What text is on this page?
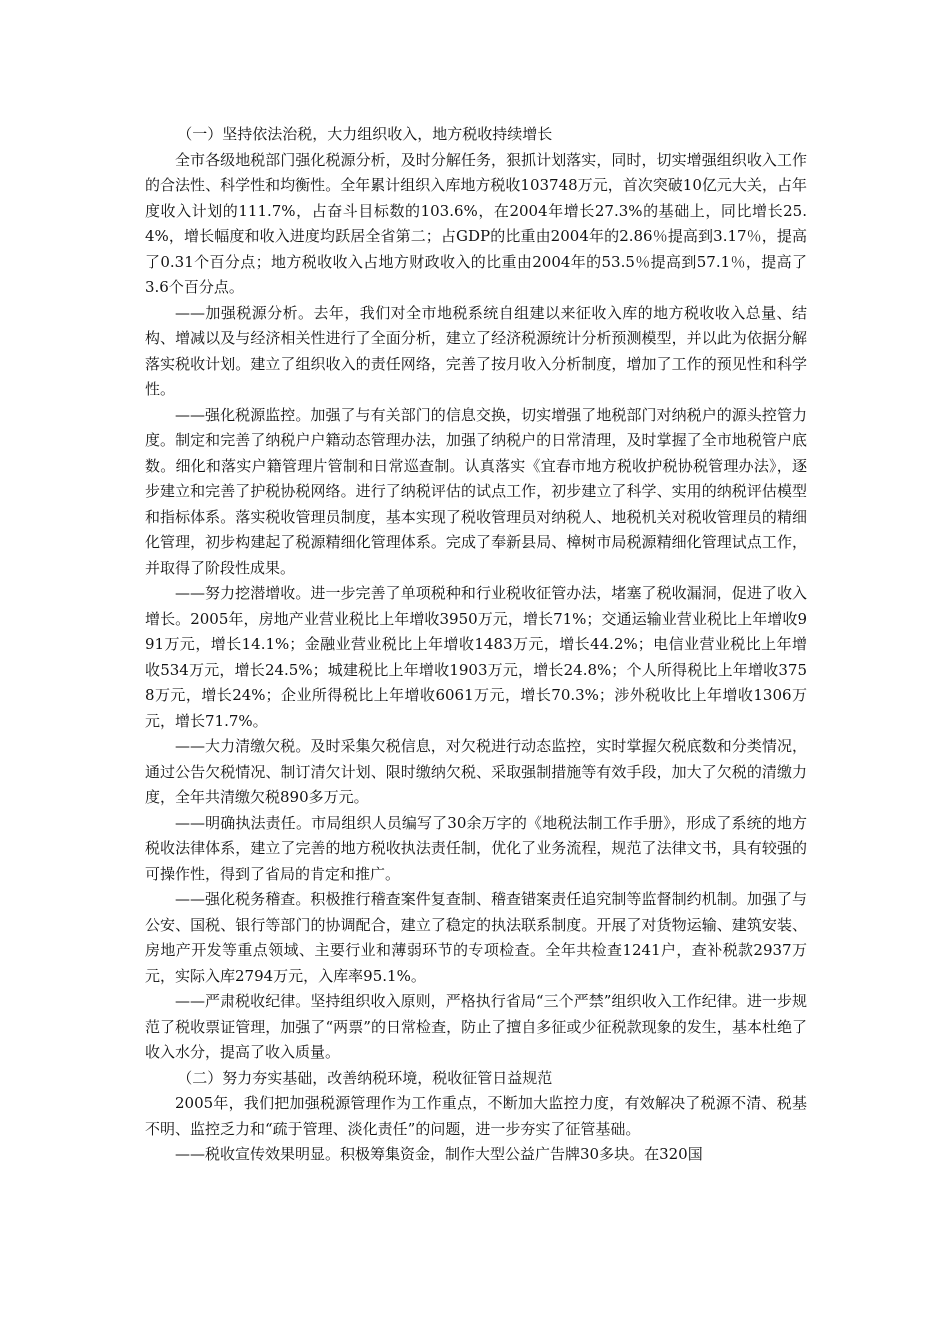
（一）坚持依法治税，大力组织收入，地方税收持续增长

全市各级地税部门强化税源分析，及时分解任务，狠抓计划落实，同时，切实增强组织收入工作的合法性、科学性和均衡性。全年累计组织入库地方税收103748万元，首次突破10亿元大关，占年度收入计划的111.7%，占奋斗目标数的103.6%，在2004年增长27.3%的基础上，同比增长25.4%，增长幅度和收入进度均跃居全省第二；占GDP的比重由2004年的2.86％提高到3.17％，提高了0.31个百分点；地方税收收入占地方财政收入的比重由2004年的53.5％提高到57.1％，提高了3.6个百分点。

——加强税源分析。去年，我们对全市地税系统自组建以来征收入库的地方税收收入总量、结构、增减以及与经济相关性进行了全面分析，建立了经济税源统计分析预测模型，并以此为依据分解落实税收计划。建立了组织收入的责任网络，完善了按月收入分析制度，增加了工作的预见性和科学性。

——强化税源监控。加强了与有关部门的信息交换，切实增强了地税部门对纳税户的源头控管力度。制定和完善了纳税户户籍动态管理办法，加强了纳税户的日常清理，及时掌握了全市地税管户底数。细化和落实户籍管理片管制和日常巡查制。认真落实《宜春市地方税收护税协税管理办法》，逐步建立和完善了护税协税网络。进行了纳税评估的试点工作，初步建立了科学、实用的纳税评估模型和指标体系。落实税收管理员制度，基本实现了税收管理员对纳税人、地税机关对税收管理员的精细化管理，初步构建起了税源精细化管理体系。完成了奉新县局、樟树市局税源精细化管理试点工作，并取得了阶段性成果。

——努力挖潜增收。进一步完善了单项税种和行业税收征管办法，堵塞了税收漏洞，促进了收入增长。2005年，房地产业营业税比上年增收3950万元，增长71%；交通运输业营业税比上年增收991万元，增长14.1%；金融业营业税比上年增收1483万元，增长44.2%；电信业营业税比上年增收534万元，增长24.5%；城建税比上年增收1903万元，增长24.8%；个人所得税比上年增收3758万元，增长24%；企业所得税比上年增收6061万元，增长70.3%；涉外税收比上年增收1306万元，增长71.7%。

——大力清缴欠税。及时采集欠税信息，对欠税进行动态监控，实时掌握欠税底数和分类情况，通过公告欠税情况、制订清欠计划、限时缴纳欠税、采取强制措施等有效手段，加大了欠税的清缴力度，全年共清缴欠税890多万元。

——明确执法责任。市局组织人员编写了30余万字的《地税法制工作手册》，形成了系统的地方税收法律体系，建立了完善的地方税收执法责任制，优化了业务流程，规范了法律文书，具有较强的可操作性，得到了省局的肯定和推广。

——强化税务稽查。积极推行稽查案件复查制、稽查错案责任追究制等监督制约机制。加强了与公安、国税、银行等部门的协调配合，建立了稳定的执法联系制度。开展了对货物运输、建筑安装、房地产开发等重点领域、主要行业和薄弱环节的专项检查。全年共检查1241户，查补税款2937万元，实际入库2794万元，入库率95.1%。

——严肃税收纪律。坚持组织收入原则，严格执行省局“三个严禁”组织收入工作纪律。进一步规范了税收票证管理，加强了“两票”的日常检查，防止了擅自多征或少征税款现象的发生，基本杜绝了收入水分，提高了收入质量。

（二）努力夯实基础，改善纳税环境，税收征管日益规范

2005年，我们把加强税源管理作为工作重点，不断加大监控力度，有效解决了税源不清、税基不明、监控乏力和“疏于管理、淡化责任”的问题，进一步夯实了征管基础。

——税收宣传效果明显。积极筹集资金，制作大型公益广告牌30多块。在320国
